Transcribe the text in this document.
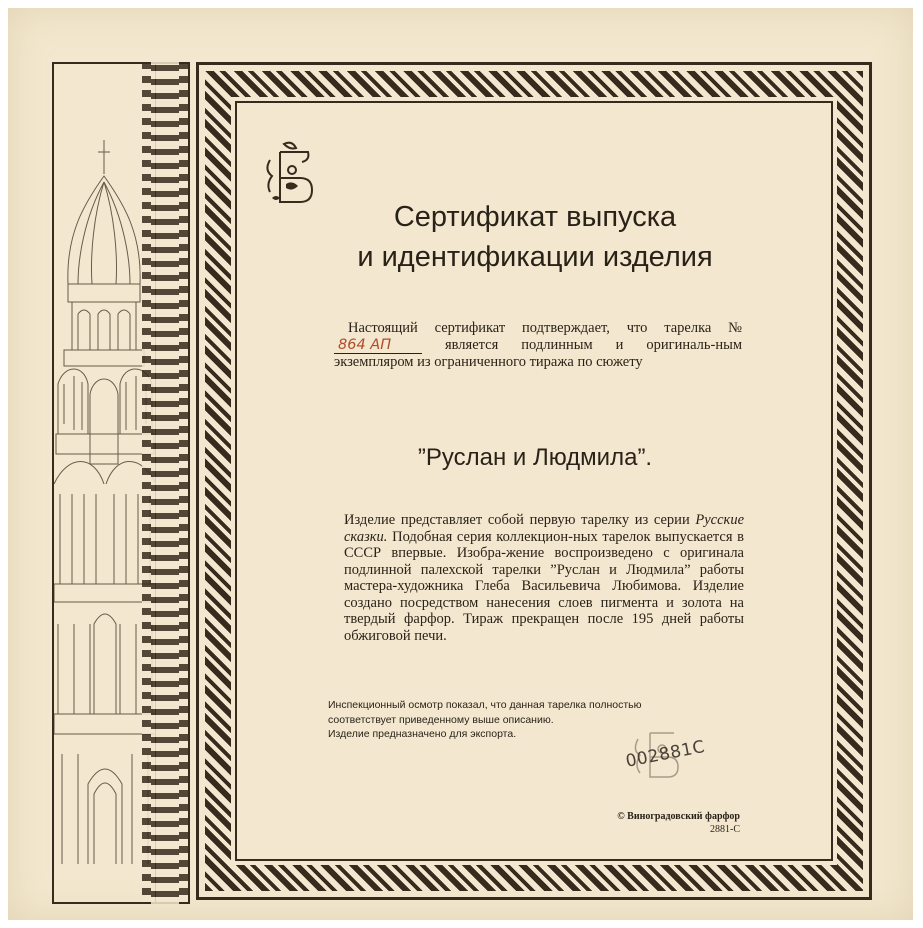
Сертификат выпуска
и идентификации изделия
Настоящий сертификат подтверждает, что тарелка №864 АП	является подлинным и оригиналь-ным экземпляром из ограниченного тиража по сюжету
”Руслан и Людмила”.
Изделие представляет собой первую тарелку из серии Русские сказки. Подобная серия коллекцион-ных тарелок выпускается в СССР впервые. Изобра-жение воспроизведено с оригинала подлинной палехской тарелки ”Руслан и Людмила” работы мастера-художника Глеба Васильевича Любимова. Изделие создано посредством нанесения слоев пигмента и золота на твердый фарфор. Тираж прекращен после 195 дней работы обжиговой печи.
Инспекционный осмотр показал, что данная тарелка полностью
соответствует приведенному выше описанию.
Изделие предназначено для экспорта.
002881C
© Виноградовский фарфор
2881-С
